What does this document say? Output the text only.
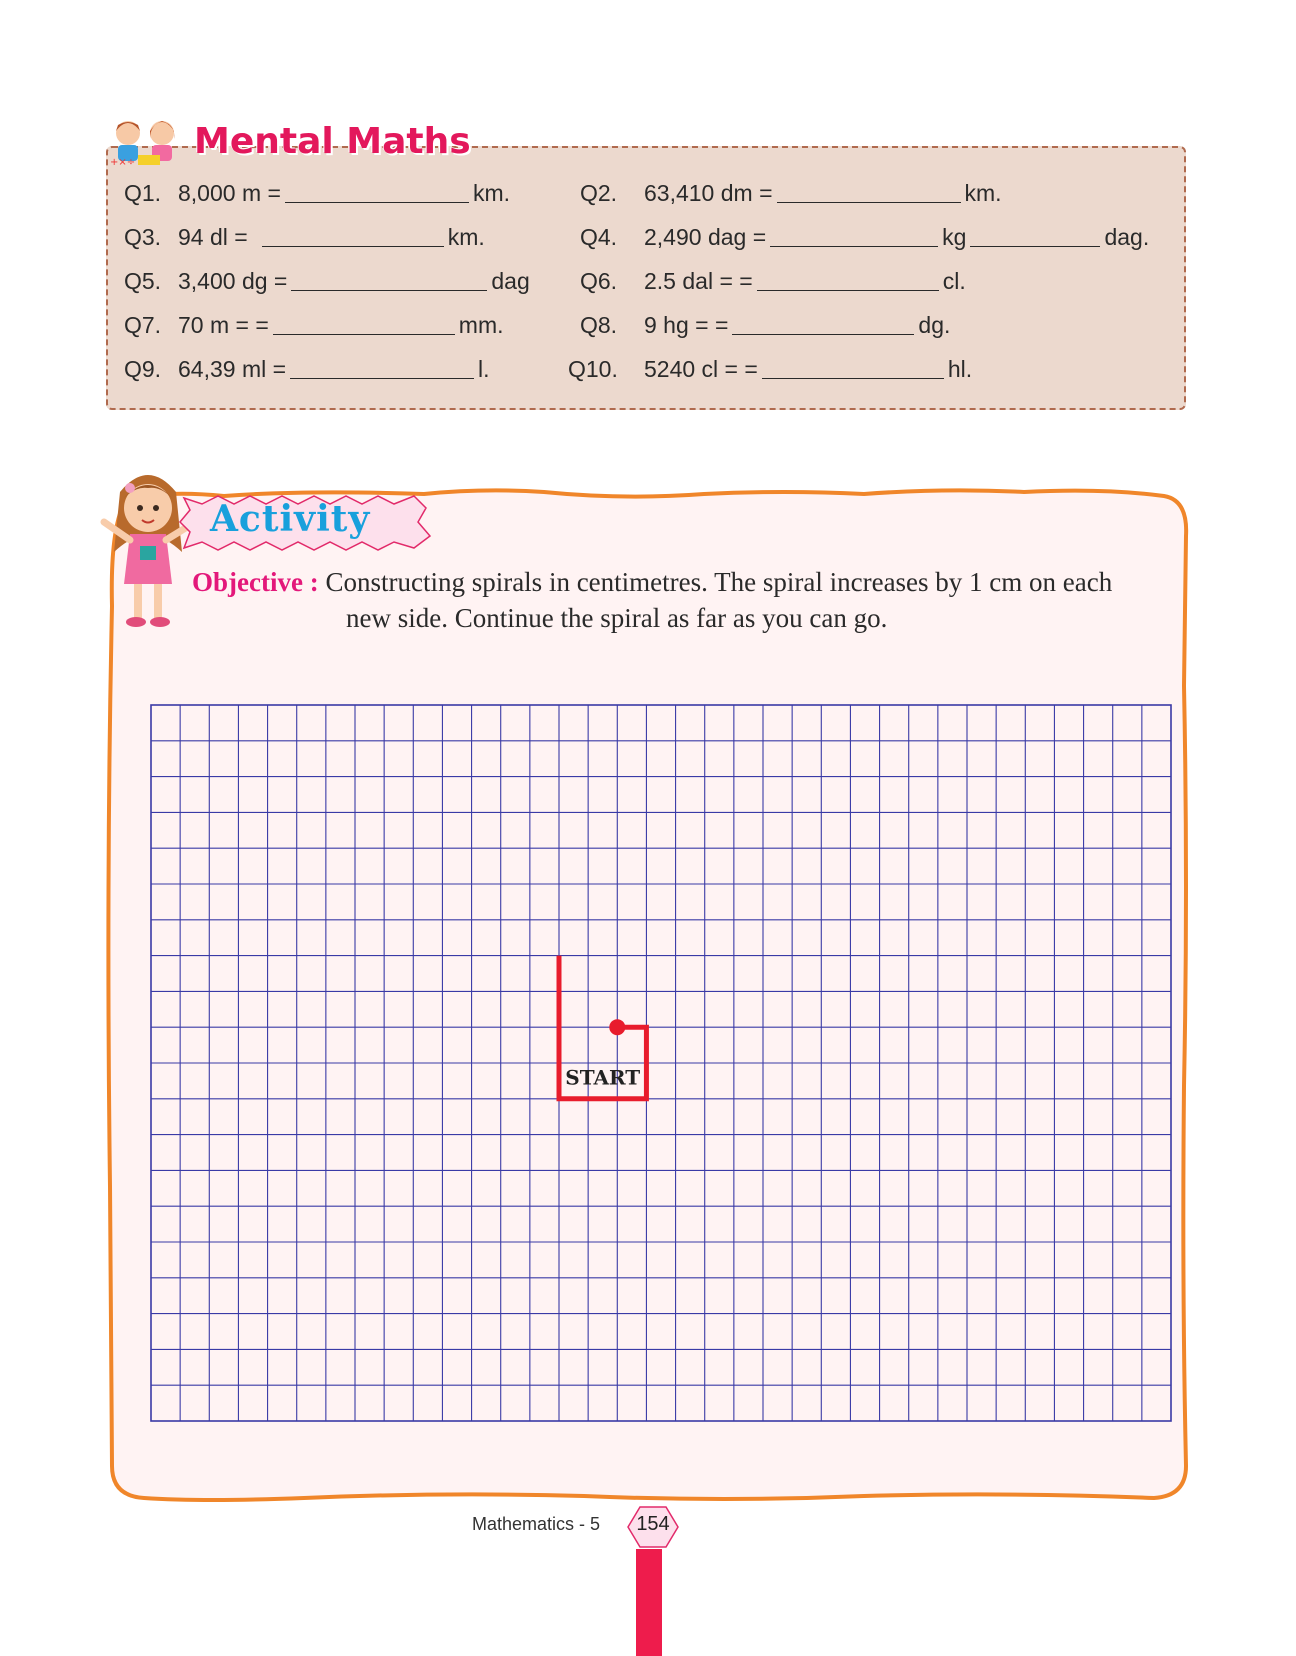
+×÷
Mental Maths
Q1. 8,000 m =	km.	Q2.	63,410 dm =	km.
Q3. 94 dl =	km.	Q4.	2,490 dag =	kg	dag.
Q5. 3,400 dg =	dag Q6.	2.5 dal = =	cl.
Q7. 70 m = =	mm.	Q8.	9 hg = =	dg.
Q9. 64,39 ml =	l.	Q10.	5240 cl = =	hl.
Activity
Objective : Constructing spirals in centimetres. The spiral increases by 1 cm on each
new side. Continue the spiral as far as you can go.
START
Mathematics - 5	154
